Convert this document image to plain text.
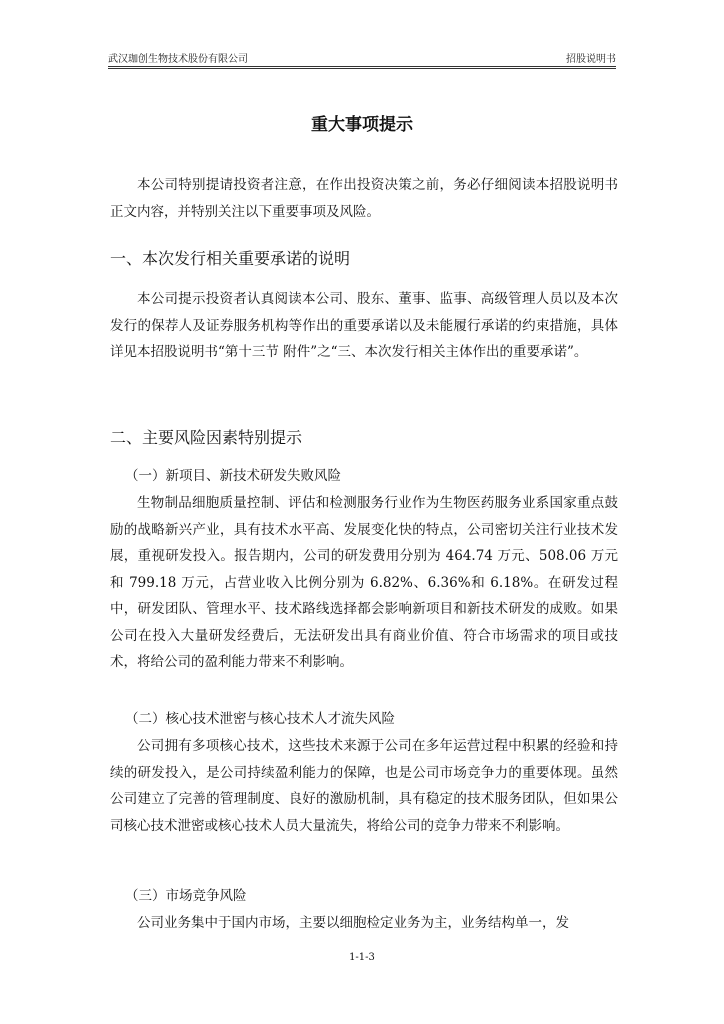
武汉珈创生物技术股份有限公司	招股说明书
重大事项提示

本公司特别提请投资者注意，在作出投资决策之前，务必仔细阅读本招股说明书正文内容，并特别关注以下重要事项及风险。

一、本次发行相关重要承诺的说明

本公司提示投资者认真阅读本公司、股东、董事、监事、高级管理人员以及本次发行的保荐人及证券服务机构等作出的重要承诺以及未能履行承诺的约束措施，具体详见本招股说明书“第十三节 附件”之“三、本次发行相关主体作出的重要承诺”。

二、主要风险因素特别提示
（一）新项目、新技术研发失败风险

生物制品细胞质量控制、评估和检测服务行业作为生物医药服务业系国家重点鼓励的战略新兴产业，具有技术水平高、发展变化快的特点，公司密切关注行业技术发展，重视研发投入。报告期内，公司的研发费用分别为 464.74 万元、508.06 万元和 799.18 万元，占营业收入比例分别为 6.82%、6.36%和 6.18%。在研发过程中，研发团队、管理水平、技术路线选择都会影响新项目和新技术研发的成败。如果公司在投入大量研发经费后，无法研发出具有商业价值、符合市场需求的项目或技术，将给公司的盈利能力带来不利影响。

（二）核心技术泄密与核心技术人才流失风险

公司拥有多项核心技术，这些技术来源于公司在多年运营过程中积累的经验和持续的研发投入，是公司持续盈利能力的保障，也是公司市场竞争力的重要体现。虽然公司建立了完善的管理制度、良好的激励机制，具有稳定的技术服务团队，但如果公司核心技术泄密或核心技术人员大量流失，将给公司的竞争力带来不利影响。

（三）市场竞争风险

公司业务集中于国内市场，主要以细胞检定业务为主，业务结构单一，发

1-1-3
